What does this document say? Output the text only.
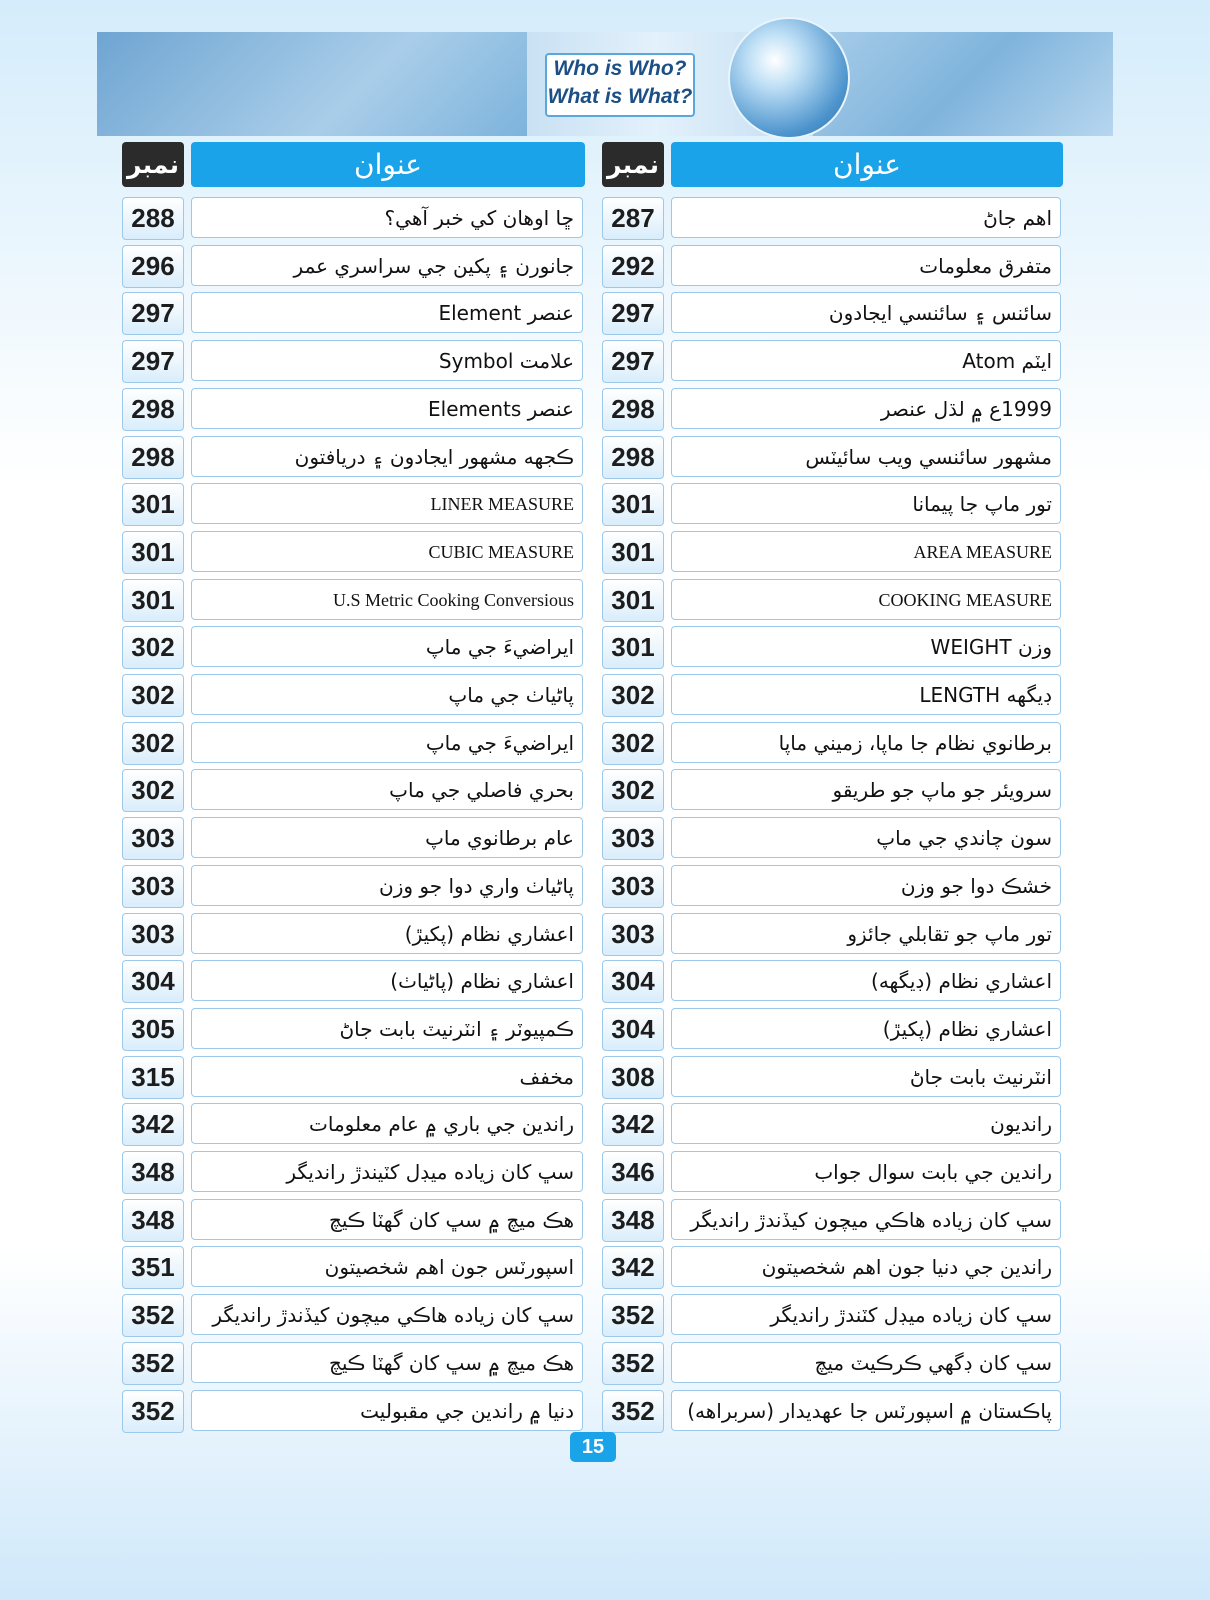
Who is Who?
What is What?
نمبر	عنوان
288	ڇا اوهان کي خبر آهي؟
296	جانورن ۽ پکين جي سراسري عمر
297	عنصر Element
297	علامت Symbol
298	عنصر Elements
298	ڪجهه مشهور ايجادون ۽ دريافتون
301	LINER MEASURE
301	CUBIC MEASURE
301	U.S Metric Cooking Conversious
302	ايراضيءَ جي ماپ
302	پاڻياٺ جي ماپ
302	ايراضيءَ جي ماپ
302	بحري فاصلي جي ماپ
303	عام برطانوي ماپ
303	پاڻياٺ واري دوا جو وزن
303	اعشاري نظام (پکيڙ)
304	اعشاري نظام (پاڻياٺ)
305	ڪمپيوٽر ۽ انٽرنيٽ بابت جاڻ
315	مخفف
342	راندين جي باري ۾ عام معلومات
348	سڀ کان زياده ميڊل کٽيندڙ رانديگر
348	هڪ ميچ ۾ سڀ کان گهٽا ڪيچ
351	اسپورٽس جون اهم شخصيتون
352	سڀ کان زياده هاڪي ميچون کيڏندڙ رانديگر
352	هڪ ميچ ۾ سڀ کان گهٽا ڪيچ
352	دنيا ۾ راندين جي مقبوليت
نمبر	عنوان
287	اهم جاڻ
292	متفرق معلومات
297	سائنس ۽ سائنسي ايجادون
297	ايٽم Atom
298	1999ع ۾ لڌل عنصر
298	مشهور سائنسي ويب سائيٽس
301	تور ماپ جا پيمانا
301	AREA MEASURE
301	COOKING MEASURE
301	وزن WEIGHT
302	ڊيگهه LENGTH
302	برطانوي نظام جا ماپا، زميني ماپا
302	سرويئر جو ماپ جو طريقو
303	سون چاندي جي ماپ
303	خشڪ دوا جو وزن
303	تور ماپ جو تقابلي جائزو
304	اعشاري نظام (ڊيگهه)
304	اعشاري نظام (پکيڙ)
308	انٽرنيٽ بابت جاڻ
342	رانديون
346	راندين جي بابت سوال جواب
348	سڀ کان زياده هاڪي ميچون کيڏندڙ رانديگر
342	راندين جي دنيا جون اهم شخصيتون
352	سڀ کان زياده ميڊل کٽندڙ رانديگر
352	سڀ کان ڊگهي ڪرڪيٽ ميچ
352	پاڪستان ۾ اسپورٽس جا عهديدار (سربراهه)
15
